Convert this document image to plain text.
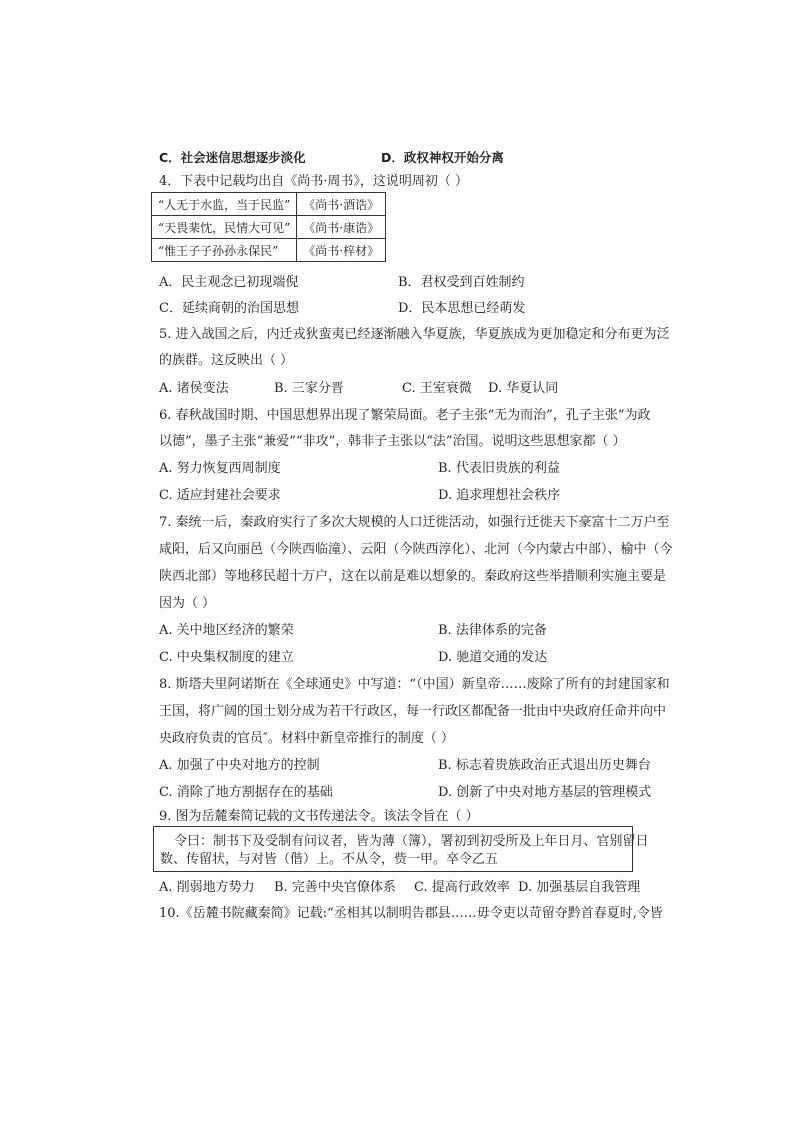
C．社会迷信思想逐步淡化	D．政权神权开始分离
4．下表中记载均出自《尚书·周书》，这说明周初（ ）
“人无于水监，当于民监”	《尚书·酒诰》
“天畏棐忱，民情大可见”	《尚书·康诰》
“惟王子子孙孙永保民”	《尚书·梓材》
A．民主观念已初现端倪	B．君权受到百姓制约
C．延续商朝的治国思想	D．民本思想已经萌发
5. 进入战国之后，内迁戎狄蛮夷已经逐渐融入华夏族，华夏族成为更加稳定和分布更为泛
的族群。这反映出（ ）
A. 诸侯变法	B. 三家分晋	C. 王室衰微 D. 华夏认同
6. 春秋战国时期、中国思想界出现了繁荣局面。老子主张“无为而治”，孔子主张“为政
以德”，墨子主张“兼爱”“非攻”，韩非子主张以“法”治国。说明这些思想家都（ ）
A. 努力恢复西周制度	B. 代表旧贵族的利益
C. 适应封建社会要求	D. 追求理想社会秩序
7. 秦统一后，秦政府实行了多次大规模的人口迁徙活动，如强行迁徙天下豪富十二万户至
咸阳，后又向丽邑（今陕西临潼）、云阳（今陕西淳化）、北河（今内蒙古中部）、榆中（今
陕西北部）等地移民超十万户，这在以前是难以想象的。秦政府这些举措顺利实施主要是
因为（ ）
A. 关中地区经济的繁荣	B. 法律体系的完备
C. 中央集权制度的建立	D. 驰道交通的发达
8. 斯塔夫里阿诺斯在《全球通史》中写道：“（中国）新皇帝……废除了所有的封建国家和
王国，将广阔的国土划分成为若干行政区，每一行政区都配备一批由中央政府任命并向中
央政府负责的官员″。材料中新皇帝推行的制度（ ）
A. 加强了中央对地方的控制	B. 标志着贵族政治正式退出历史舞台
C. 消除了地方割据存在的基础	D. 创新了中央对地方基层的管理模式
9. 图为岳麓秦简记载的文书传递法令。该法令旨在（ ）
令曰：制书下及受制有问议者，皆为薄（簿），署初到初受所及上年日月、官别留日
数、传留状，与对皆（偕）上。不从令，赀一甲。卒令乙五
A. 削弱地方势力 B. 完善中央官僚体系 C. 提高行政效率 D. 加强基层自我管理
10.《岳麓书院藏秦简》记载:“丞相其以制明告郡县……毋令吏以苛留夺黔首春夏时,令皆
